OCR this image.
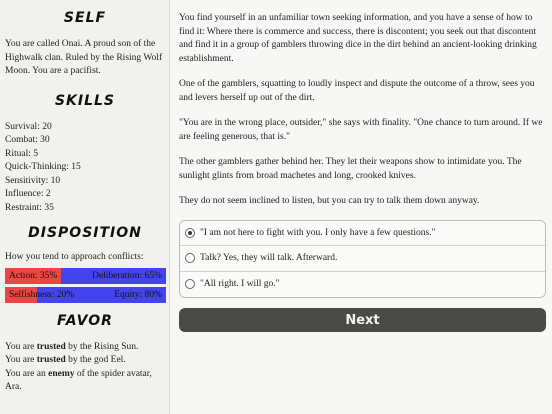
SELF

You are called Onai. A proud son of the Highwalk clan. Ruled by the Rising Wolf Moon. You are a pacifist.

SKILLS
Survival: 20
Combat: 30
Ritual: 5
Quick-Thinking: 15
Sensitivity: 10
Influence: 2
Restraint: 35
DISPOSITION

How you tend to approach conflicts:

Action: 35%	Deliberation: 65%
Selfishness: 20%	Equity: 80%
FAVOR

You are trusted by the Rising Sun.

You are trusted by the god Eel.

You are an enemy of the spider avatar, Ara.

You find yourself in an unfamiliar town seeking information, and you have a sense of how to find it: Where there is commerce and success, there is discontent; you seek out that discontent and find it in a group of gamblers throwing dice in the dirt behind an ancient-looking drinking establishment.

One of the gamblers, squatting to loudly inspect and dispute the outcome of a throw, sees you and levers herself up out of the dirt.

"You are in the wrong place, outsider," she says with finality. "One chance to turn around. If we are feeling generous, that is."

The other gamblers gather behind her. They let their weapons show to intimidate you. The sunlight glints from broad machetes and long, crooked knives.

They do not seem inclined to listen, but you can try to talk them down anyway.

"I am not here to fight with you. I only have a few questions."
Talk? Yes, they will talk. Afterward.
"All right. I will go."
Next
